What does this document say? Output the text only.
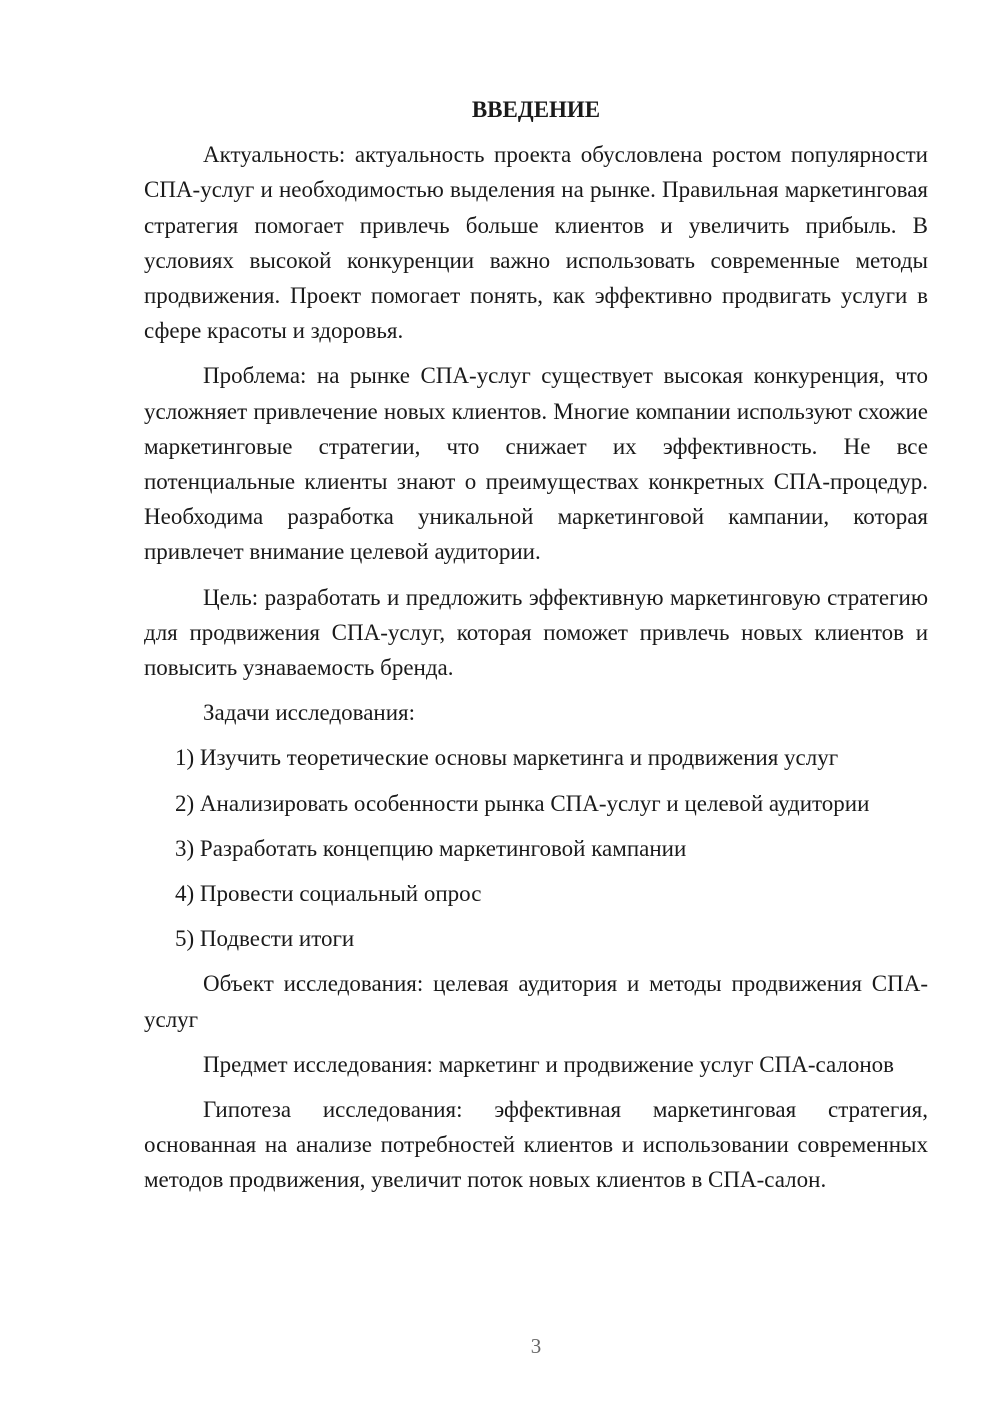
ВВЕДЕНИЕ

Актуальность: актуальность проекта обусловлена ростом популярности СПА-услуг и необходимостью выделения на рынке. Правильная маркетинговая стратегия помогает привлечь больше клиентов и увеличить прибыль. В условиях высокой конкуренции важно использовать современные методы продвижения. Проект помогает понять, как эффективно продвигать услуги в сфере красоты и здоровья.

Проблема: на рынке СПА-услуг существует высокая конкуренция, что усложняет привлечение новых клиентов. Многие компании используют схожие маркетинговые стратегии, что снижает их эффективность. Не все потенциальные клиенты знают о преимуществах конкретных СПА-процедур. Необходима разработка уникальной маркетинговой кампании, которая привлечет внимание целевой аудитории.

Цель: разработать и предложить эффективную маркетинговую стратегию для продвижения СПА-услуг, которая поможет привлечь новых клиентов и повысить узнаваемость бренда.

Задачи исследования:

1) Изучить теоретические основы маркетинга и продвижения услуг

2) Анализировать особенности рынка СПА-услуг и целевой аудитории

3) Разработать концепцию маркетинговой кампании

4) Провести социальный опрос

5) Подвести итоги

Объект исследования: целевая аудитория и методы продвижения СПА-услуг

Предмет исследования: маркетинг и продвижение услуг СПА-салонов

Гипотеза исследования: эффективная маркетинговая стратегия, основанная на анализе потребностей клиентов и использовании современных методов продвижения, увеличит поток новых клиентов в СПА-салон.

3
